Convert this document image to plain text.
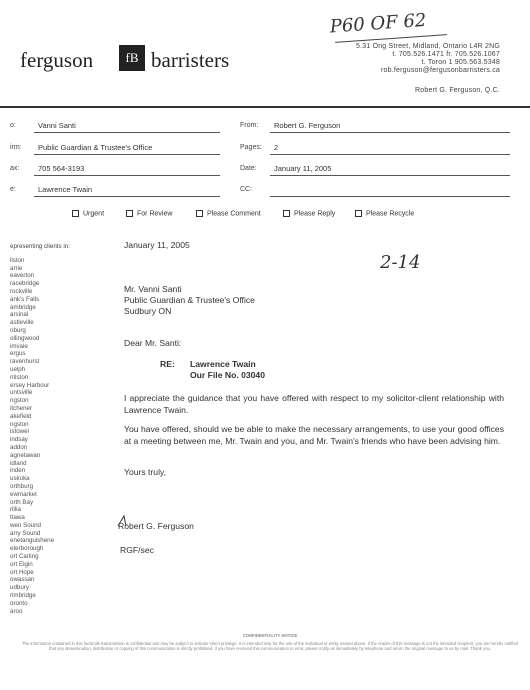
P60 OF 62
ferguson	fB barristers
5.31 Ong Street, Midland, Ontario L4R 2NG
t. 705.526.1471 fr. 705.526.1067
t. Toron 1 905.563.5348
rob.ferguson@fergusonbarristers.ca
Robert G. Ferguson, Q.C.
o:	Vanni Santi	From: Robert G. Ferguson
irm: Public Guardian & Trustee's Office	Pages: 2
ax: 705 564-3193	Date: January 11, 2005
e:	Lawrence Twain	CC:
Urgent	For Review	Please Comment	Please Reply	Please Recycle
epresenting clients in:
llston
arrie
eaverton
racebridge
rockville
ank's Falls
ambridge
arsinal
astleville
oburg
ollingwood
imvale
ergus
ravenhurst
uelph
ntiston
ersey Harbour
untsville
ngston
itchener
akefield
ngston
istowel
indsay
addon
agnetawan
idland
inden
uskoka
orthburg
ewmarket
orth Bay
rillia
ttawa
wen Sound
arry Sound
enetanguishene
eterborough
ort Carling
ort Elgin
ort Hope
owassan
udbury
rimbridge
oronto
aroo
January 11, 2005
2-14
Mr. Vanni Santi
Public Guardian & Trustee's Office
Sudbury ON
Dear Mr. Santi:
RE: Lawrence Twain
Our File No. 03040
I appreciate the guidance that you have offered with respect to my solicitor-client relationship with Lawrence Twain.
You have offered, should we be able to make the necessary arrangements, to use your good offices at a meeting between me, Mr. Twain and you, and Mr. Twain's friends who have been advising him.
Yours truly,
Robert G. Ferguson
RGF/sec
CONFIDENTIALITY NOTICE
The information contained in this facsimile transmission is confidential and may be subject to solicitor-client privilege. It is intended only for the use of the individual or entity named above. If the reader of this message is not the intended recipient, you are hereby notified that any dissemination, distribution or copying of this communication is strictly prohibited. If you have received this communication in error, please notify us immediately by telephone and return the original message to us by mail. Thank you.
